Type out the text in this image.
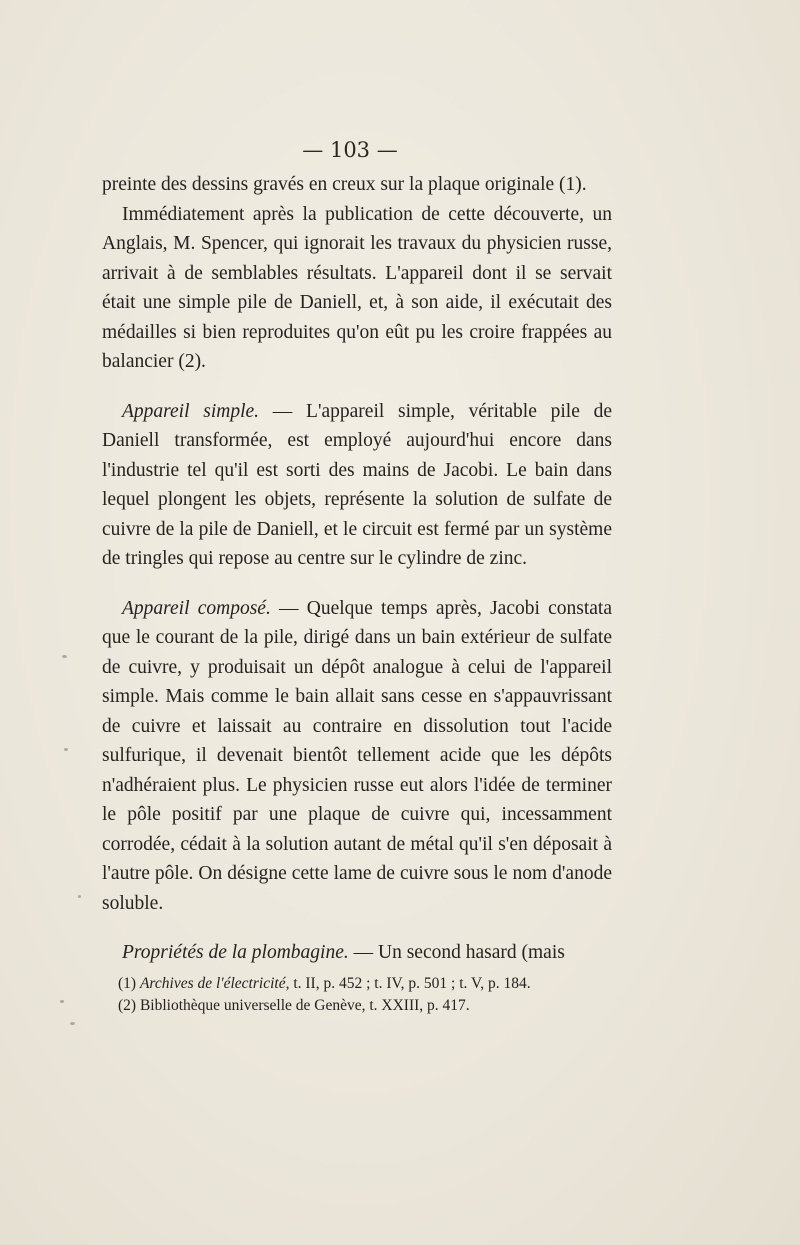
— 103 —

preinte des dessins gravés en creux sur la plaque originale (1).

Immédiatement après la publication de cette découverte, un Anglais, M. Spencer, qui ignorait les travaux du physicien russe, arrivait à de semblables résultats. L'appareil dont il se servait était une simple pile de Daniell, et, à son aide, il exécutait des médailles si bien reproduites qu'on eût pu les croire frappées au balancier (2).

Appareil simple. — L'appareil simple, véritable pile de Daniell transformée, est employé aujourd'hui encore dans l'industrie tel qu'il est sorti des mains de Jacobi. Le bain dans lequel plongent les objets, représente la solution de sulfate de cuivre de la pile de Daniell, et le circuit est fermé par un système de tringles qui repose au centre sur le cylindre de zinc.

Appareil composé. — Quelque temps après, Jacobi constata que le courant de la pile, dirigé dans un bain extérieur de sulfate de cuivre, y produisait un dépôt analogue à celui de l'appareil simple. Mais comme le bain allait sans cesse en s'appauvrissant de cuivre et laissait au contraire en dissolution tout l'acide sulfurique, il devenait bientôt tellement acide que les dépôts n'adhéraient plus. Le physicien russe eut alors l'idée de terminer le pôle positif par une plaque de cuivre qui, incessamment corrodée, cédait à la solution autant de métal qu'il s'en déposait à l'autre pôle. On désigne cette lame de cuivre sous le nom d'anode soluble.

Propriétés de la plombagine. — Un second hasard (mais

(1) Archives de l'électricité, t. II, p. 452 ; t. IV, p. 501 ; t. V, p. 184.
(2) Bibliothèque universelle de Genève, t. XXIII, p. 417.
